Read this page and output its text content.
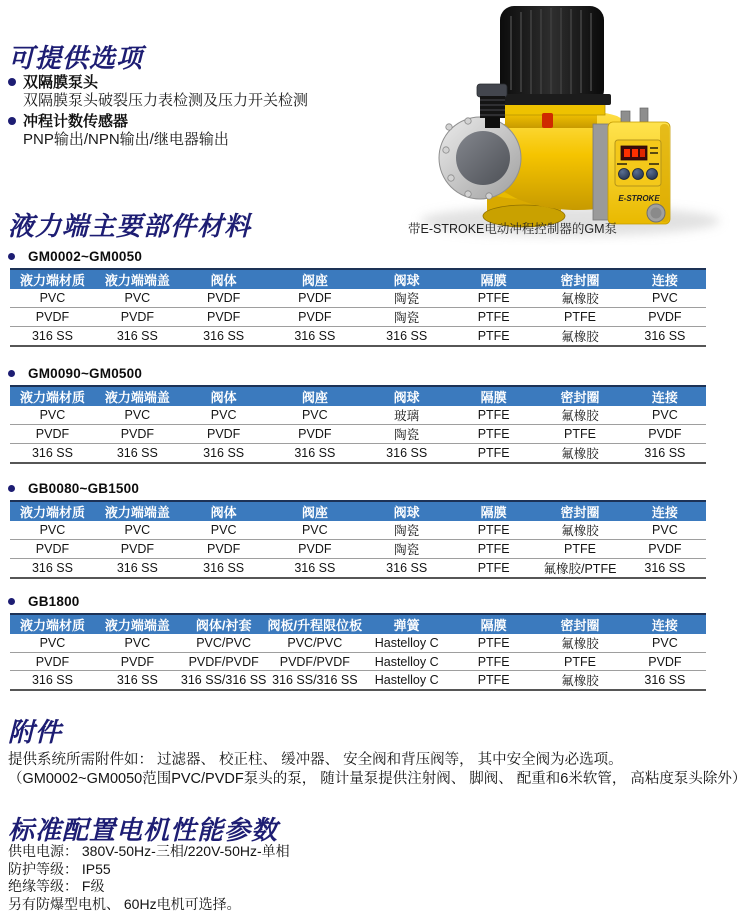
可提供选项
双隔膜泵头
双隔膜泵头破裂压力表检测及压力开关检测
冲程计数传感器
PNP输出/NPN输出/继电器输出
E-STROKE
带E-STROKE电动冲程控制器的GM泵
液力端主要部件材料
GM0002~GM0050
液力端材质	液力端端盖	阀体	阀座	阀球	隔膜	密封圈	连接
PVC	PVC	PVDF	PVDF	陶瓷	PTFE	氟橡胶	PVC
PVDF	PVDF	PVDF	PVDF	陶瓷	PTFE	PTFE	PVDF
316 SS	316 SS	316 SS	316 SS	316 SS	PTFE	氟橡胶	316 SS
GM0090~GM0500
液力端材质	液力端端盖	阀体	阀座	阀球	隔膜	密封圈	连接
PVC	PVC	PVC	PVC	玻璃	PTFE	氟橡胶	PVC
PVDF	PVDF	PVDF	PVDF	陶瓷	PTFE	PTFE	PVDF
316 SS	316 SS	316 SS	316 SS	316 SS	PTFE	氟橡胶	316 SS
GB0080~GB1500
液力端材质	液力端端盖	阀体	阀座	阀球	隔膜	密封圈	连接
PVC	PVC	PVC	PVC	陶瓷	PTFE	氟橡胶	PVC
PVDF	PVDF	PVDF	PVDF	陶瓷	PTFE	PTFE	PVDF
316 SS	316 SS	316 SS	316 SS	316 SS	PTFE	氟橡胶/PTFE	316 SS
GB1800
液力端材质	液力端端盖	阀体/衬套	阀板/升程限位板	弹簧	隔膜	密封圈	连接
PVC	PVC	PVC/PVC	PVC/PVC	Hastelloy C	PTFE	氟橡胶	PVC
PVDF	PVDF	PVDF/PVDF	PVDF/PVDF	Hastelloy C	PTFE	PTFE	PVDF
316 SS	316 SS	316 SS/316 SS	316 SS/316 SS	Hastelloy C	PTFE	氟橡胶	316 SS
附件
提供系统所需附件如： 过滤器、 校正柱、 缓冲器、 安全阀和背压阀等， 其中安全阀为必选项。
（GM0002~GM0050范围PVC/PVDF泵头的泵， 随计量泵提供注射阀、 脚阀、 配重和6米软管， 高粘度泵头除外）
标准配置电机性能参数
供电电源： 380V-50Hz-三相/220V-50Hz-单相
防护等级： IP55
绝缘等级： F级
另有防爆型电机、 60Hz电机可选择。
